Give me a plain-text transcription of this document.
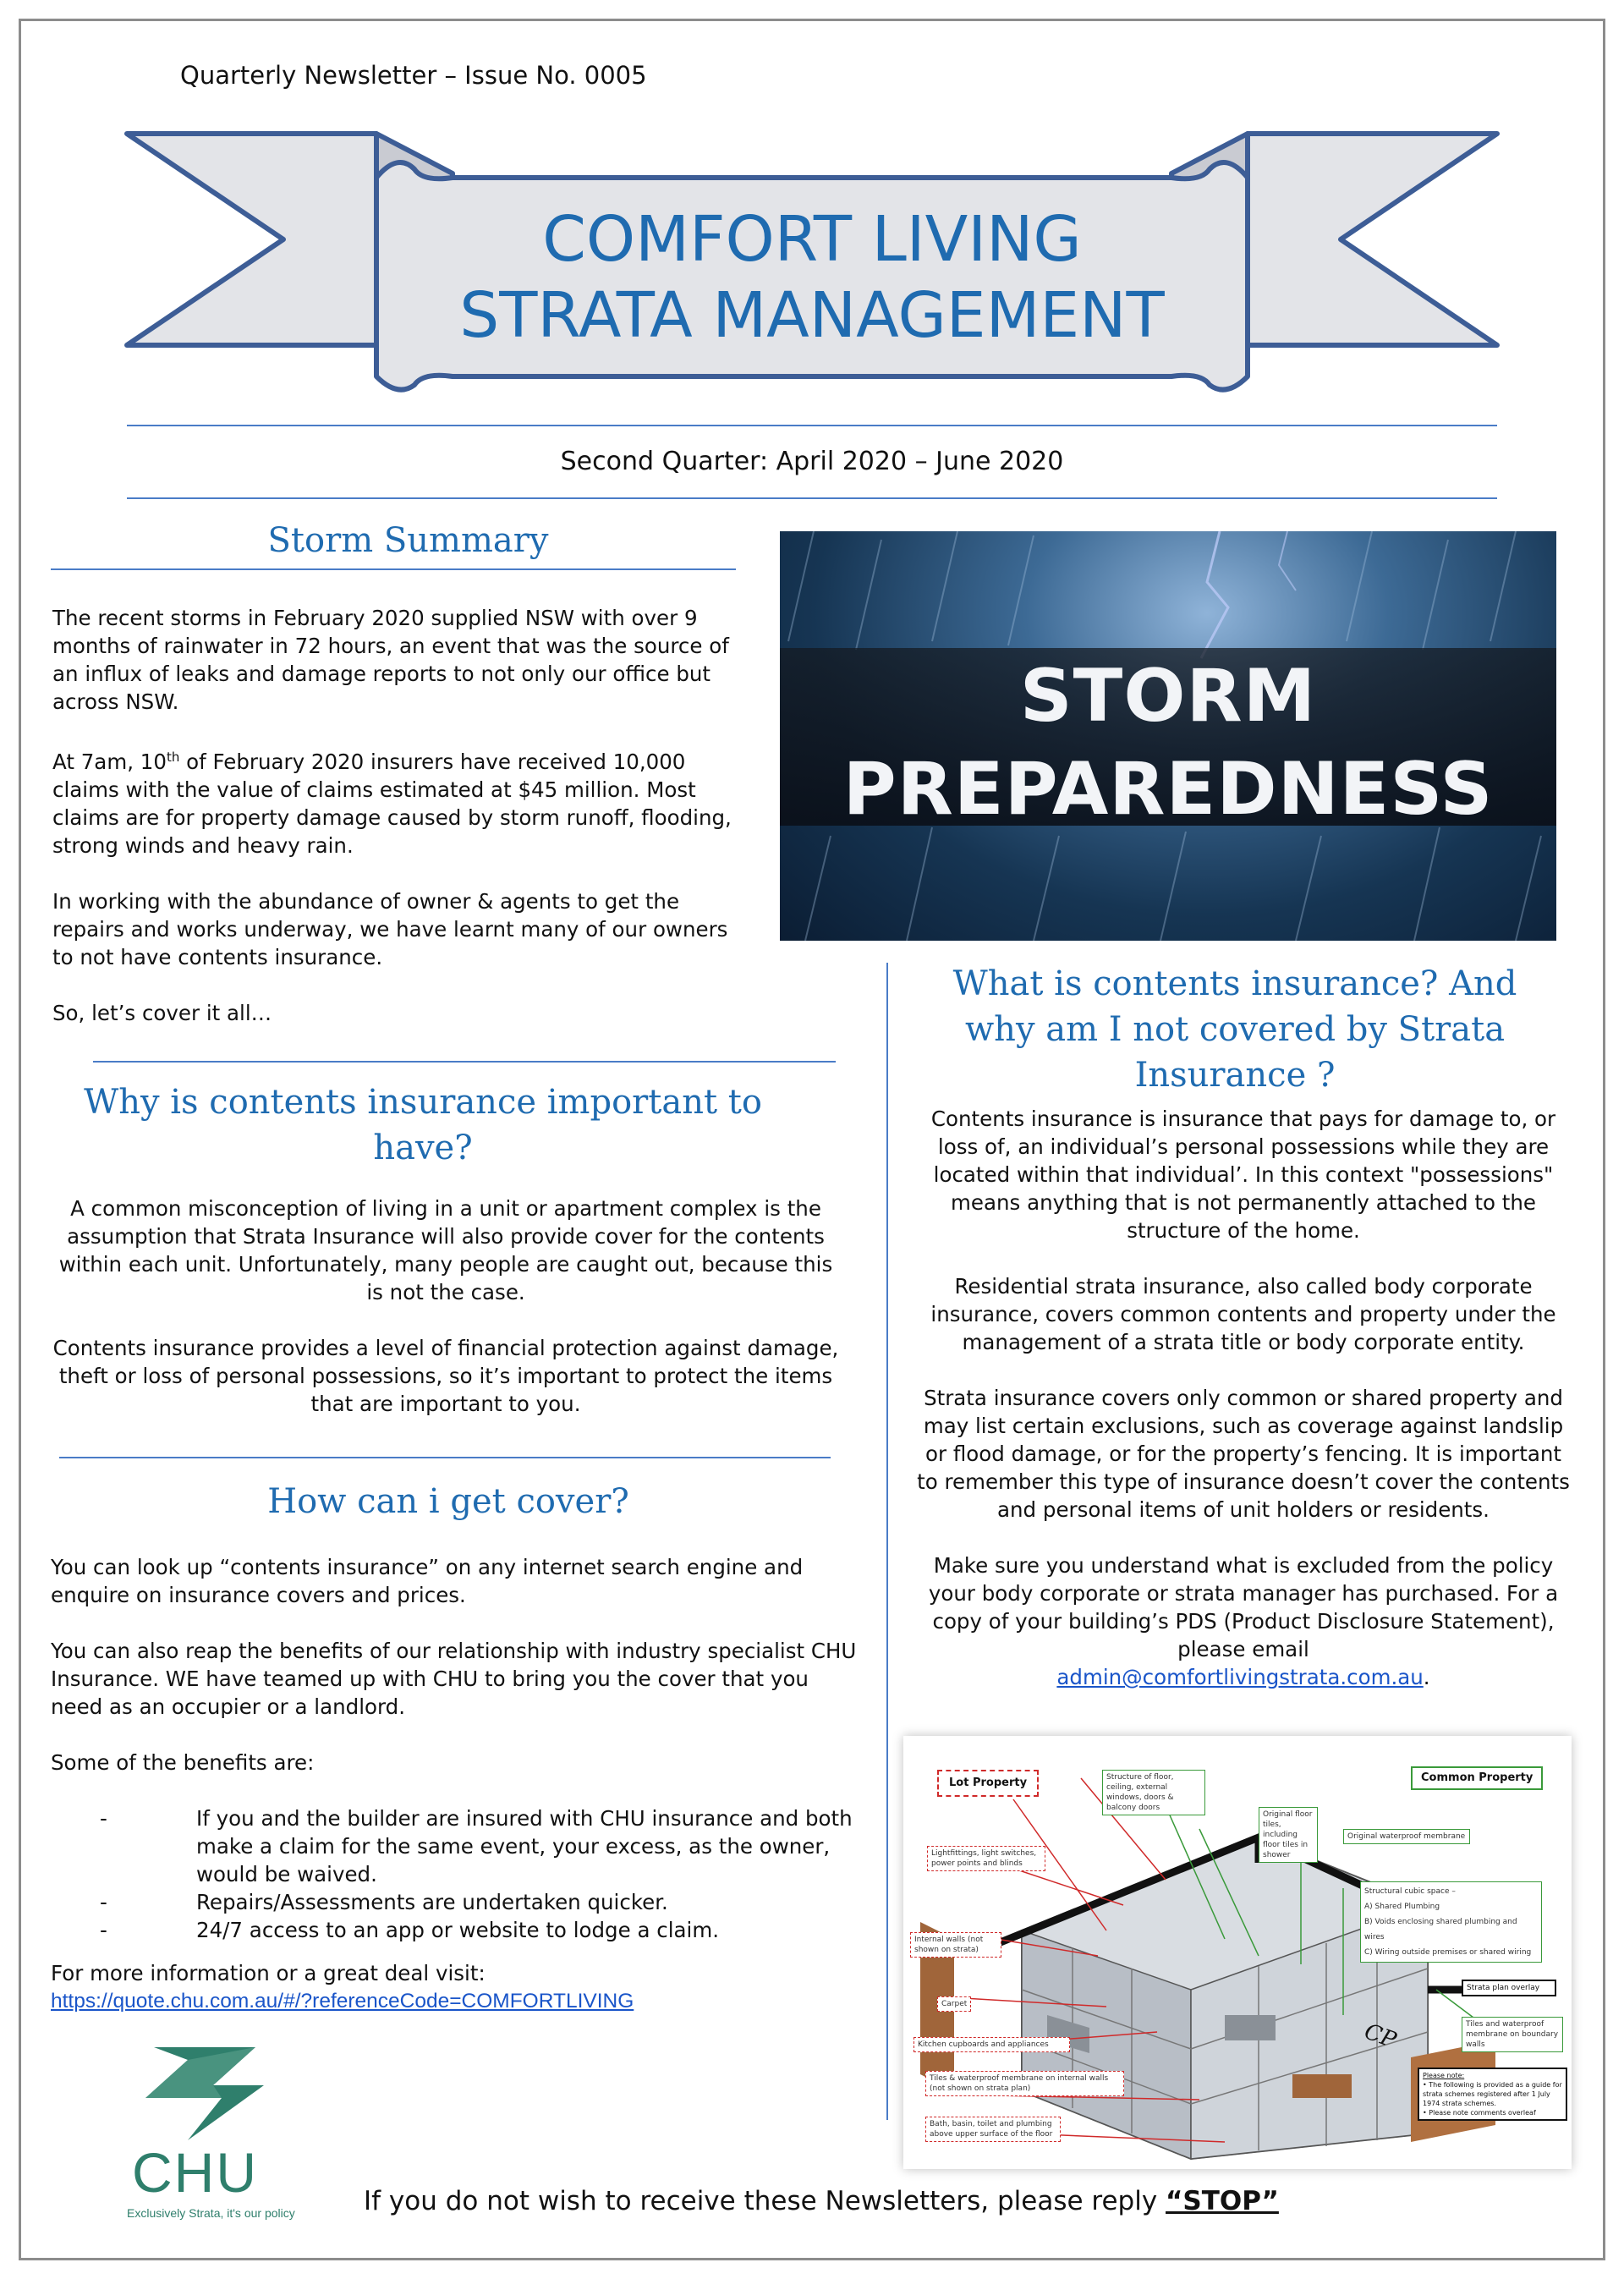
Quarterly Newsletter – Issue No. 0005
COMFORT LIVING
STRATA MANAGEMENT
Second Quarter: April 2020 – June 2020
Storm Summary

The recent storms in February 2020 supplied NSW with over 9 months of rainwater in 72 hours, an event that was the source of an influx of leaks and damage reports to not only our office but across NSW.

At 7am, 10th of February 2020 insurers have received 10,000 claims with the value of claims estimated at $45 million. Most claims are for property damage caused by storm runoff, flooding, strong winds and heavy rain.

In working with the abundance of owner & agents to get the repairs and works underway, we have learnt many of our owners to not have contents insurance.

So, let’s cover it all…

STORM
PREPAREDNESS
Why is contents insurance important to have?

A common misconception of living in a unit or apartment complex is the assumption that Strata Insurance will also provide cover for the contents within each unit. Unfortunately, many people are caught out, because this is not the case.

Contents insurance provides a level of financial protection against damage, theft or loss of personal possessions, so it’s important to protect the items that are important to you.

How can i get cover?

You can look up “contents insurance” on any internet search engine and enquire on insurance covers and prices.

You can also reap the benefits of our relationship with industry specialist CHU Insurance. WE have teamed up with CHU to bring you the cover that you need as an occupier or a landlord.

Some of the benefits are:

-	If you and the builder are insured with CHU insurance and both make a claim for the same event, your excess, as the owner, would be waived.
-	Repairs/Assessments are undertaken quicker.
-	24/7 access to an app or website to lodge a claim.
For more information or a great deal visit:
https://quote.chu.com.au/#/?referenceCode=COMFORTLIVING
What is contents insurance? And why am I not covered by Strata Insurance ?

Contents insurance is insurance that pays for damage to, or loss of, an individual’s personal possessions while they are located within that individual’. In this context "possessions" means anything that is not permanently attached to the structure of the home.

Residential strata insurance, also called body corporate insurance, covers common contents and property under the management of a strata title or body corporate entity.

Strata insurance covers only common or shared property and may list certain exclusions, such as coverage against landslip or flood damage, or for the property’s fencing. It is important to remember this type of insurance doesn’t cover the contents and personal items of unit holders or residents.

Make sure you understand what is excluded from the policy your body corporate or strata manager has purchased. For a copy of your building’s PDS (Product Disclosure Statement), please email
admin@comfortlivingstrata.com.au.

Lot Property	Common Property
Structure of floor, ceiling, external windows, doors & balcony doors
Original floor tiles, including floor tiles in shower
Original waterproof membrane
Lightfittings, light switches, power points and blinds
Structural cubic space –
A) Shared Plumbing
B) Voids enclosing shared plumbing and wires
C) Wiring outside premises or shared wiring
Internal walls (not shown on strata)
Strata plan overlay
Carpet
Tiles and waterproof membrane on boundary walls
Kitchen cupboards and appliances
Tiles & waterproof membrane on internal walls (not shown on strata plan)
Please note:
• The following is provided as a guide for strata schemes registered after 1 July 1974 strata schemes.
• Please note comments overleaf
Bath, basin, toilet and plumbing above upper surface of the floor
CP
CHU
Exclusively Strata, it's our policy	If you do not wish to receive these Newsletters, please reply “STOP”
